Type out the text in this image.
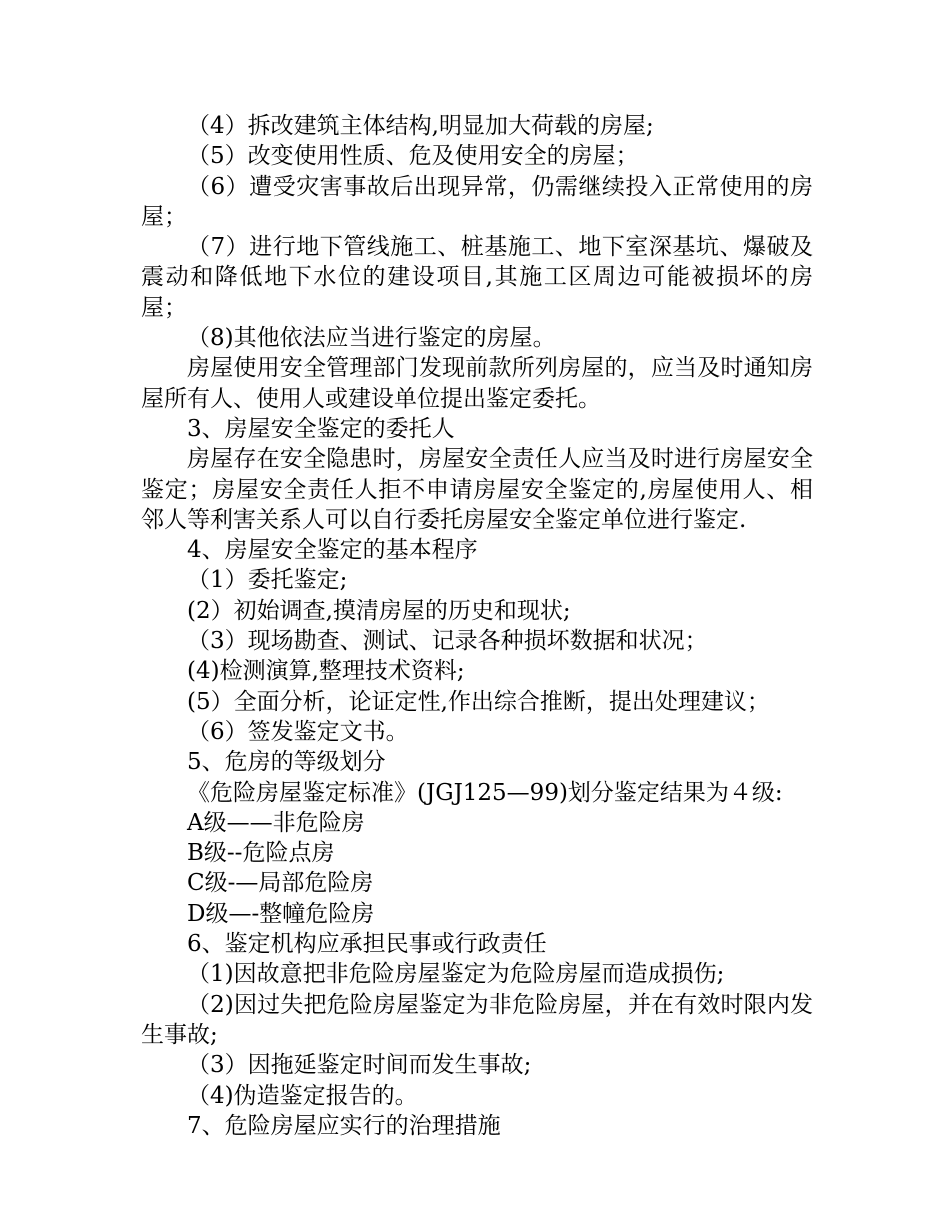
（4）拆改建筑主体结构,明显加大荷载的房屋;

（5）改变使用性质、危及使用安全的房屋；

（6）遭受灾害事故后出现异常，仍需继续投入正常使用的房屋；

（7）进行地下管线施工、桩基施工、地下室深基坑、爆破及震动和降低地下水位的建设项目,其施工区周边可能被损坏的房屋；

（8)其他依法应当进行鉴定的房屋。

房屋使用安全管理部门发现前款所列房屋的，应当及时通知房屋所有人、使用人或建设单位提出鉴定委托。

3、房屋安全鉴定的委托人

房屋存在安全隐患时，房屋安全责任人应当及时进行房屋安全鉴定；房屋安全责任人拒不申请房屋安全鉴定的,房屋使用人、相邻人等利害关系人可以自行委托房屋安全鉴定单位进行鉴定.

4、房屋安全鉴定的基本程序

（1）委托鉴定;

(2）初始调查,摸清房屋的历史和现状;

（3）现场勘查、测试、记录各种损坏数据和状况；

(4)检测演算,整理技术资料;

(5）全面分析，论证定性,作出综合推断，提出处理建议；

（6）签发鉴定文书。

5、危房的等级划分

《危险房屋鉴定标准》(JGJ125—99)划分鉴定结果为４级:

A级——非危险房

B级--危险点房

C级-—局部危险房

D级—-整幢危险房

6、鉴定机构应承担民事或行政责任

（1)因故意把非危险房屋鉴定为危险房屋而造成损伤;

（2)因过失把危险房屋鉴定为非危险房屋，并在有效时限内发生事故;

（3）因拖延鉴定时间而发生事故;

（4)伪造鉴定报告的。

7、危险房屋应实行的治理措施
